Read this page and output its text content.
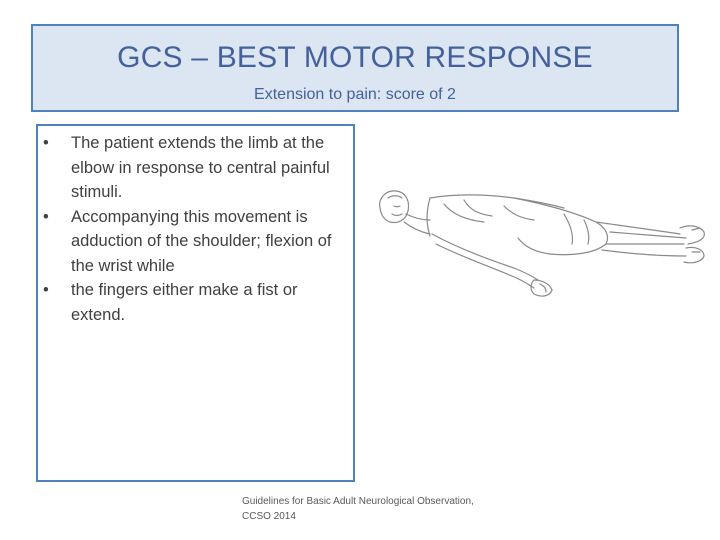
GCS – BEST MOTOR RESPONSE
Extension to pain: score of 2
• The patient extends the limb at the elbow in response to central painful stimuli.
• Accompanying this movement is adduction of the shoulder; flexion of the wrist while
• the fingers either make a fist or extend.
Guidelines for Basic Adult Neurological Observation,
CCSO 2014
